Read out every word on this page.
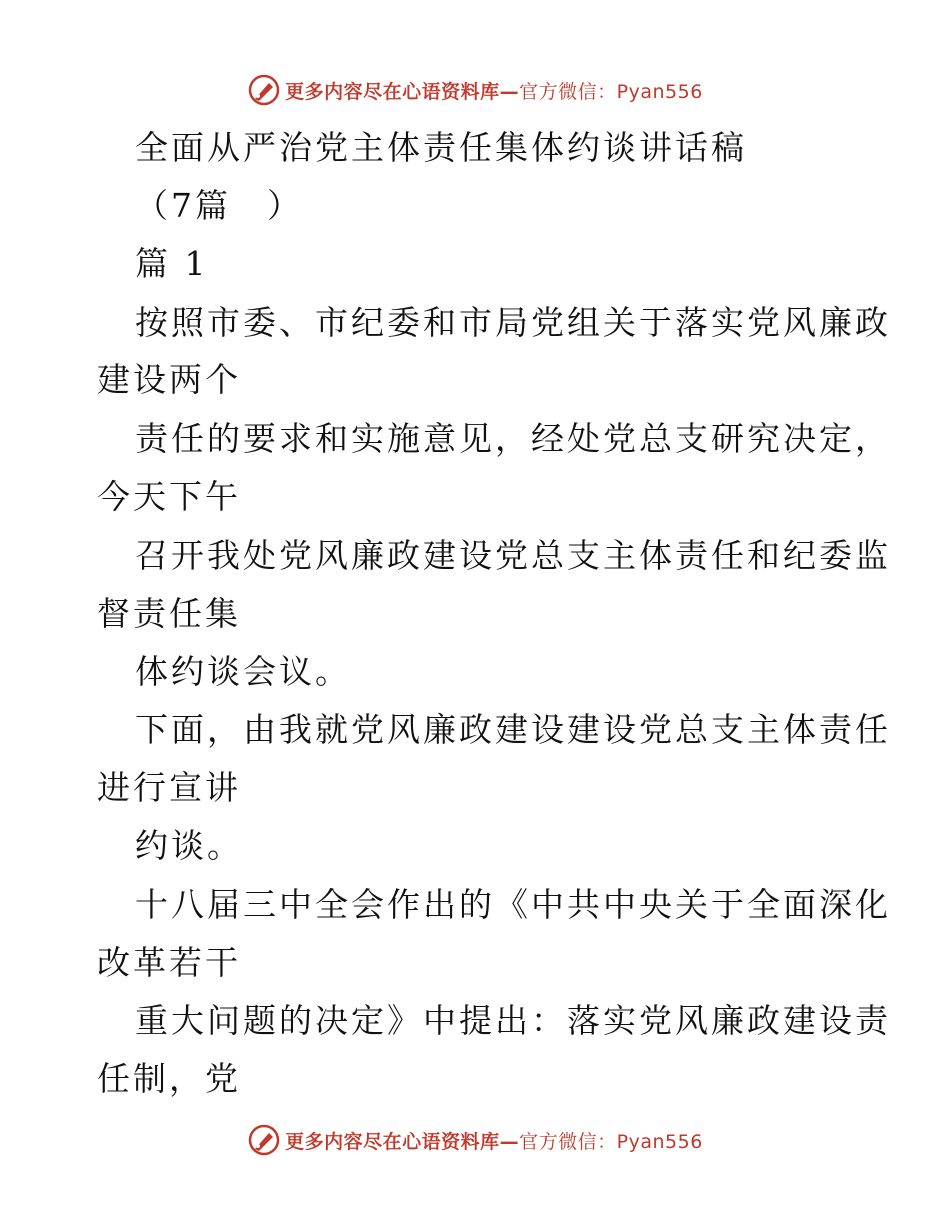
更多内容尽在心语资料库—官方微信：Pyan556
全面从严治党主体责任集体约谈讲话稿
（7篇　）
篇 1
按照市委、市纪委和市局党组关于落实党风廉政
建设两个
责任的要求和实施意见，经处党总支研究决定，
今天下午
召开我处党风廉政建设党总支主体责任和纪委监
督责任集
体约谈会议。
下面，由我就党风廉政建设建设党总支主体责任
进行宣讲
约谈。
十八届三中全会作出的《中共中央关于全面深化
改革若干
重大问题的决定》中提出：落实党风廉政建设责
任制，党
更多内容尽在心语资料库—官方微信：Pyan556
